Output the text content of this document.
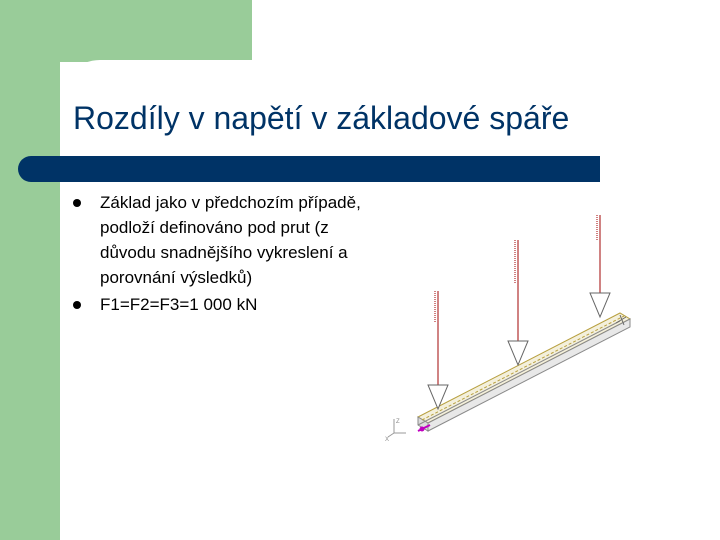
Rozdíly v napětí v základové spáře
Základ jako v předchozím případě, podloží definováno pod prut (z důvodu snadnějšího vykreslení a porovnání výsledků)
F1=F2=F3=1 000 kN
Z
X
